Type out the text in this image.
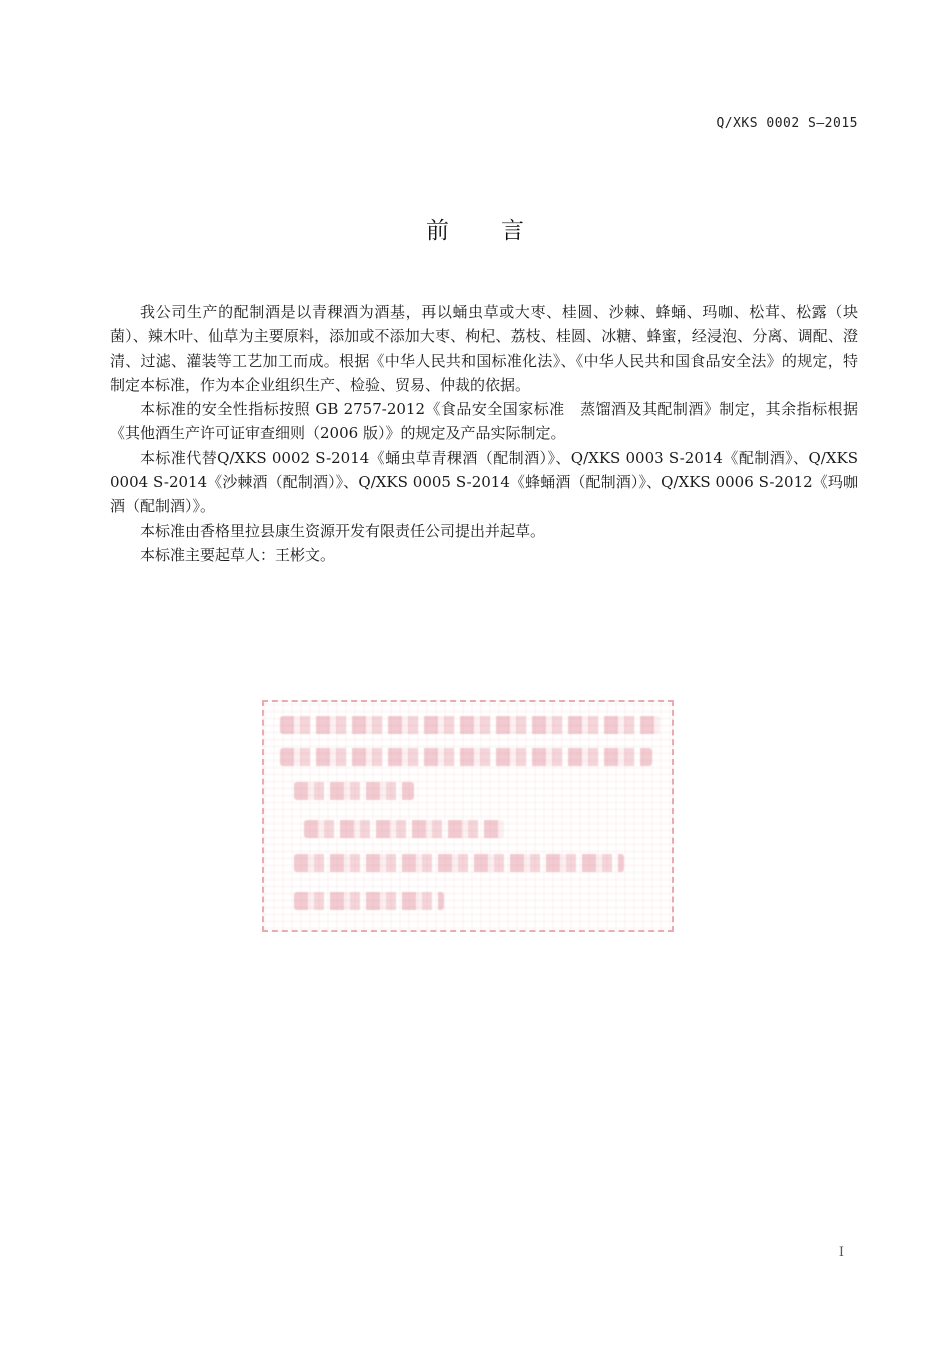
Q/XKS 0002 S—2015
前言

我公司生产的配制酒是以青稞酒为酒基，再以蛹虫草或大枣、桂圆、沙棘、蜂蛹、玛咖、松茸、松露（块菌）、辣木叶、仙草为主要原料，添加或不添加大枣、枸杞、荔枝、桂圆、冰糖、蜂蜜，经浸泡、分离、调配、澄清、过滤、灌装等工艺加工而成。根据《中华人民共和国标准化法》、《中华人民共和国食品安全法》的规定，特制定本标准，作为本企业组织生产、检验、贸易、仲裁的依据。

本标准的安全性指标按照 GB 2757-2012《食品安全国家标准　蒸馏酒及其配制酒》制定，其余指标根据《其他酒生产许可证审查细则（2006 版）》的规定及产品实际制定。

本标准代替Q/XKS 0002 S-2014《蛹虫草青稞酒（配制酒）》、Q/XKS 0003 S-2014《配制酒》、Q/XKS 0004 S-2014《沙棘酒（配制酒）》、Q/XKS 0005 S-2014《蜂蛹酒（配制酒）》、Q/XKS 0006 S-2012《玛咖酒（配制酒）》。

本标准由香格里拉县康生资源开发有限责任公司提出并起草。

本标准主要起草人：王彬文。

I
